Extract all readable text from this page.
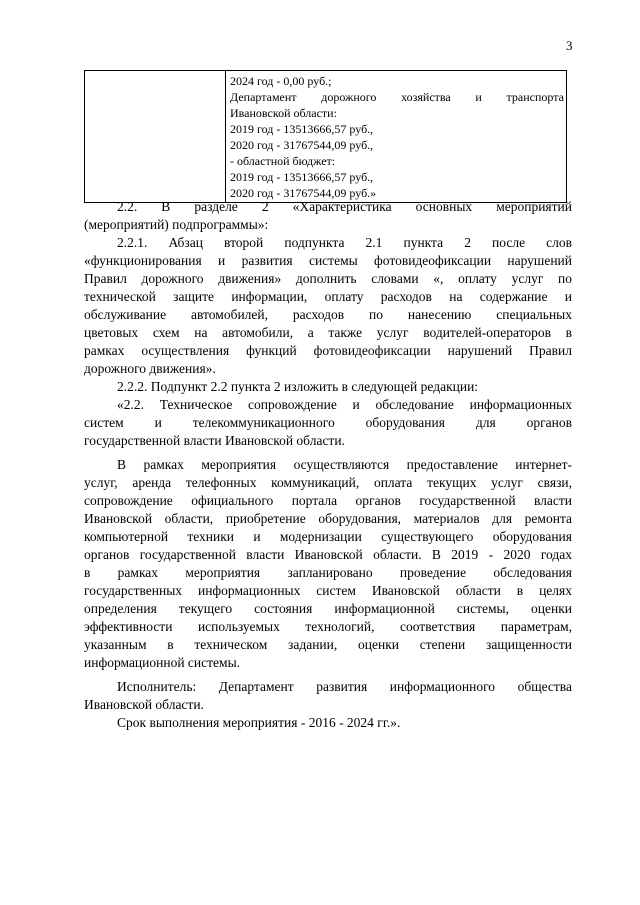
3

2024 год - 0,00 руб.;
Департамент дорожного хозяйства и транспорта
Ивановской области:
2019 год - 13513666,57 руб.,
2020 год - 31767544,09 руб.,
- областной бюджет:
2019 год - 13513666,57 руб.,
2020 год - 31767544,09 руб.»
2.2. В разделе 2 «Характеристика основных мероприятий
(мероприятий) подпрограммы»:
2.2.1. Абзац второй подпункта 2.1 пункта 2 после слов
«функционирования и развития системы фотовидеофиксации нарушений
Правил дорожного движения» дополнить словами «, оплату услуг по
технической защите информации, оплату расходов на содержание и
обслуживание автомобилей, расходов по нанесению специальных
цветовых схем на автомобили, а также услуг водителей-операторов в
рамках осуществления функций фотовидеофиксации нарушений Правил
дорожного движения».
2.2.2. Подпункт 2.2 пункта 2 изложить в следующей редакции:
«2.2. Техническое сопровождение и обследование информационных
систем и телекоммуникационного оборудования для органов
государственной власти Ивановской области.
В рамках мероприятия осуществляются предоставление интернет-
услуг, аренда телефонных коммуникаций, оплата текущих услуг связи,
сопровождение официального портала органов государственной власти
Ивановской области, приобретение оборудования, материалов для ремонта
компьютерной техники и модернизации существующего оборудования
органов государственной власти Ивановской области. В 2019 - 2020 годах
в рамках мероприятия запланировано проведение обследования
государственных информационных систем Ивановской области в целях
определения текущего состояния информационной системы, оценки
эффективности используемых технологий, соответствия параметрам,
указанным в техническом задании, оценки степени защищенности
информационной системы.
Исполнитель: Департамент развития информационного общества
Ивановской области.
Срок выполнения мероприятия - 2016 - 2024 гг.».
